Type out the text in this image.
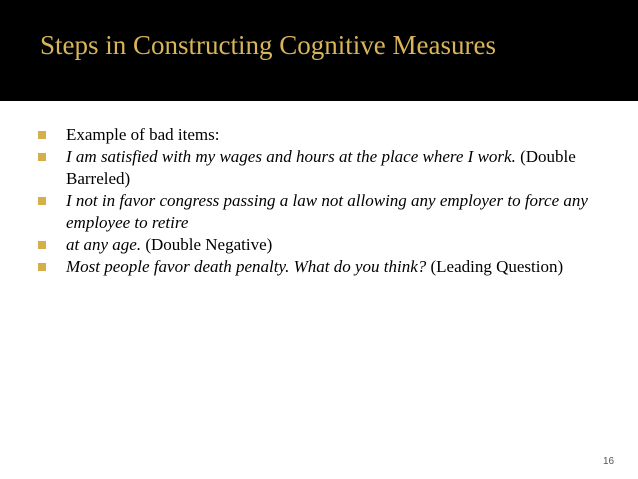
Steps in Constructing Cognitive Measures
Example of bad items:
I am satisfied with my wages and hours at the place where I work. (Double Barreled)
I not in favor congress passing a law not allowing any employer to force any employee to retire
at any age. (Double Negative)
Most people favor death penalty. What do you think? (Leading Question)
16
